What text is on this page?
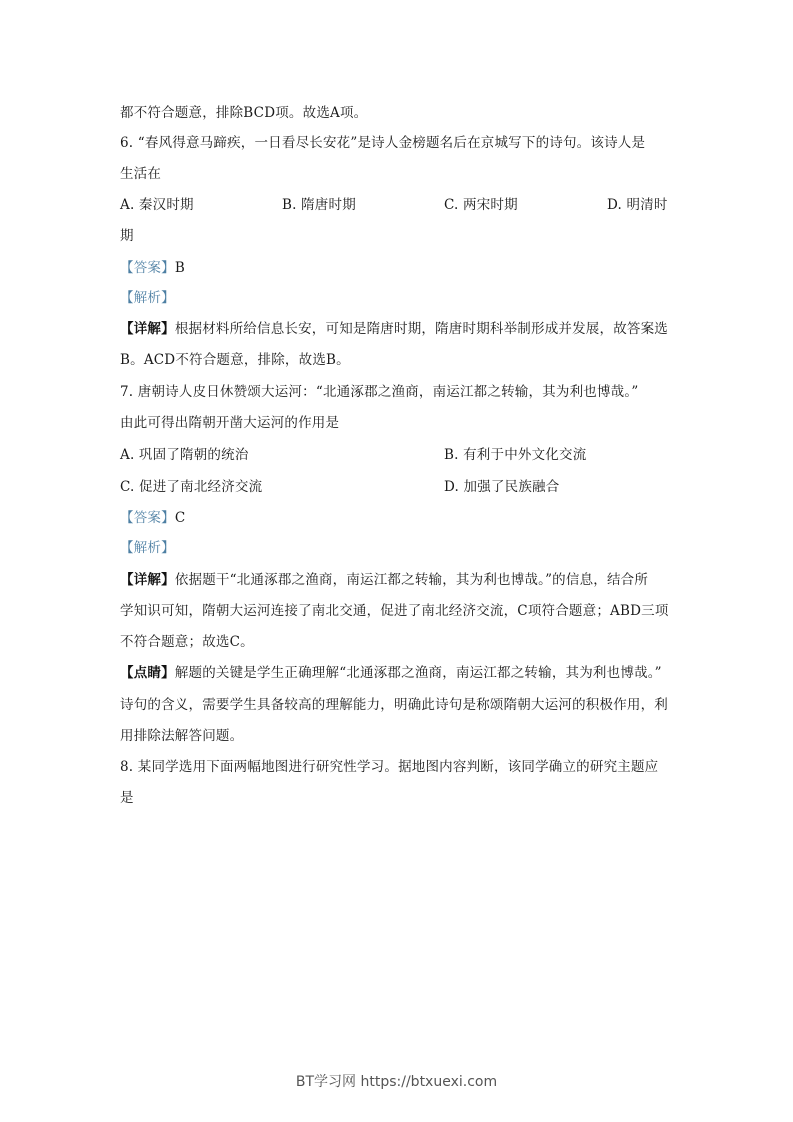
都不符合题意，排除BCD项。故选A项。
6. “春风得意马蹄疾，一日看尽长安花”是诗人金榜题名后在京城写下的诗句。该诗人是
生活在
A. 秦汉时期	B. 隋唐时期	C. 两宋时期	D. 明清时
期
【答案】B
【解析】
【详解】根据材料所给信息长安，可知是隋唐时期，隋唐时期科举制形成并发展，故答案选
B。ACD不符合题意，排除，故选B。
7. 唐朝诗人皮日休赞颂大运河：“北通涿郡之渔商，南运江都之转输，其为利也博哉。”
由此可得出隋朝开凿大运河的作用是
A. 巩固了隋朝的统治	B. 有利于中外文化交流
C. 促进了南北经济交流	D. 加强了民族融合
【答案】C
【解析】
【详解】依据题干“北通涿郡之渔商，南运江都之转输，其为利也博哉。”的信息，结合所
学知识可知，隋朝大运河连接了南北交通，促进了南北经济交流，C项符合题意；ABD三项
不符合题意；故选C。
【点睛】解题的关键是学生正确理解“北通涿郡之渔商，南运江都之转输，其为利也博哉。”
诗句的含义，需要学生具备较高的理解能力，明确此诗句是称颂隋朝大运河的积极作用，利
用排除法解答问题。
8. 某同学选用下面两幅地图进行研究性学习。据地图内容判断，该同学确立的研究主题应
是
BT学习网 https://btxuexi.com
